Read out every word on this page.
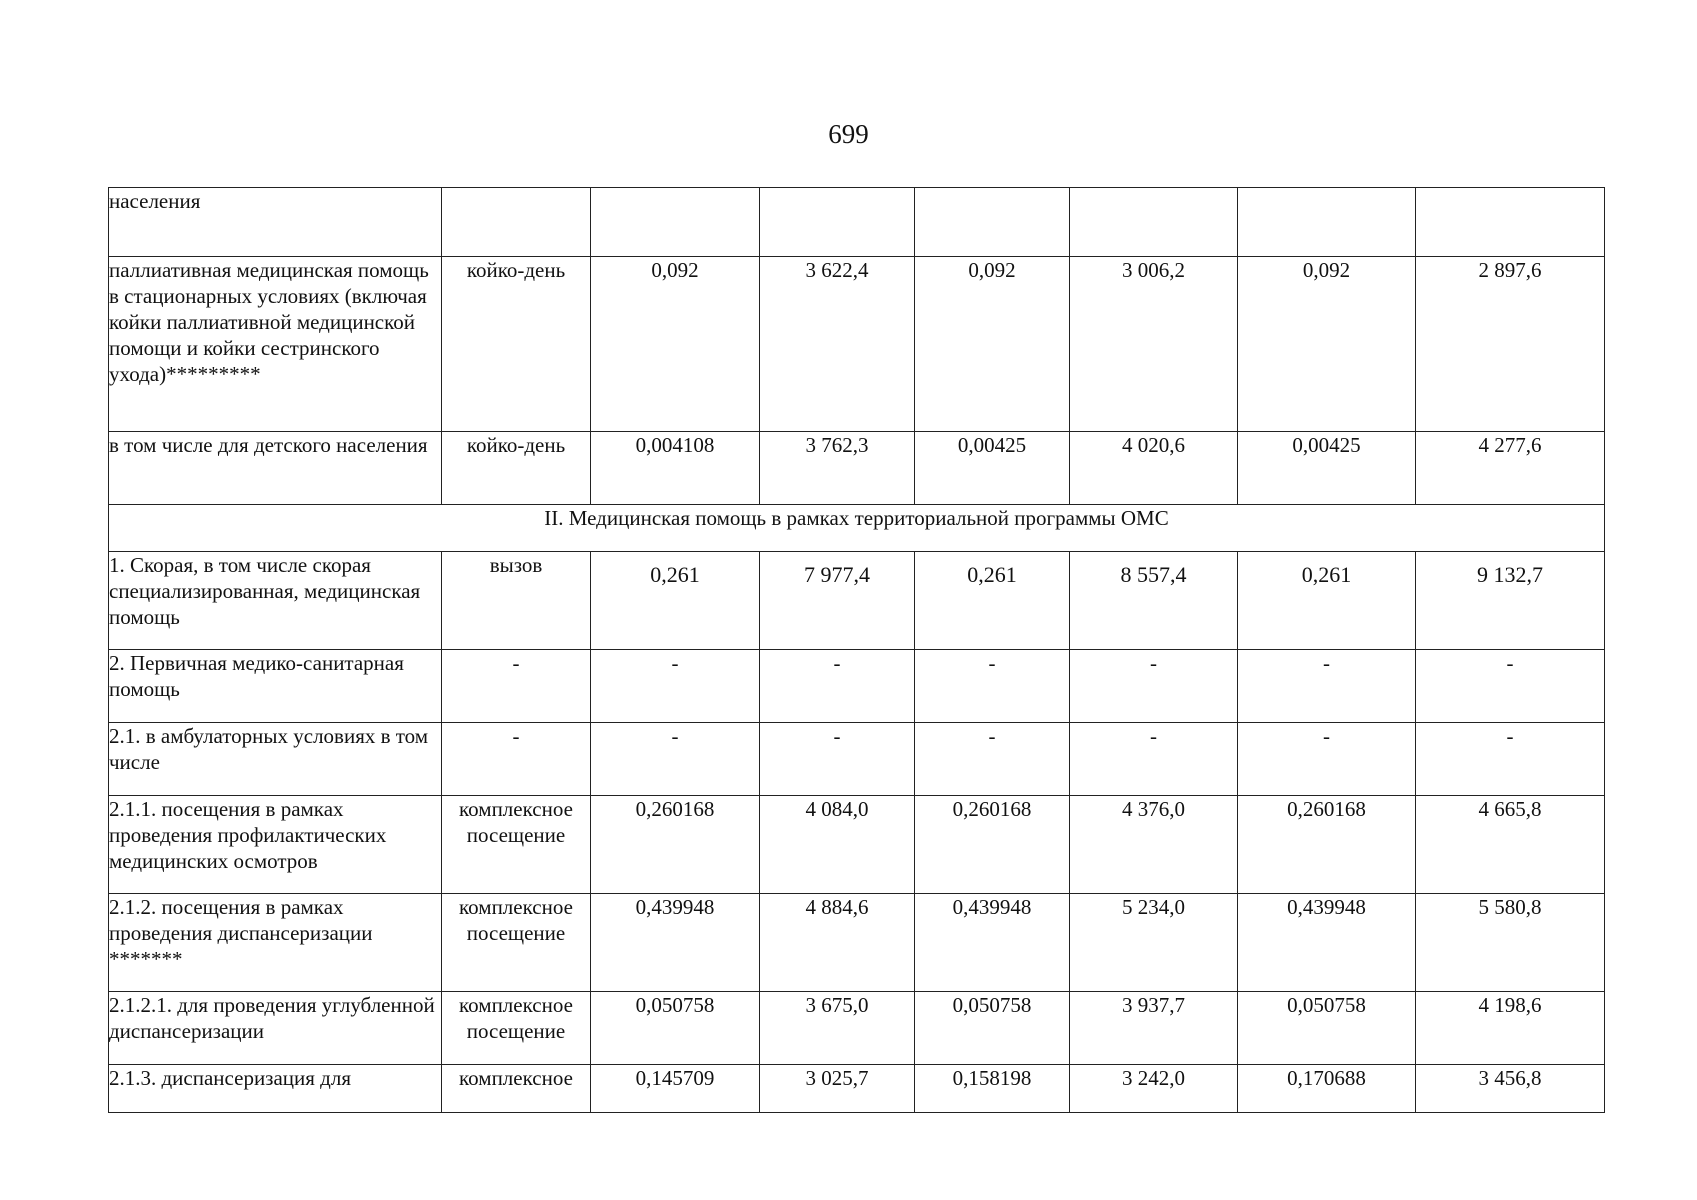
699
населения							
паллиативная медицинская помощь в стационарных условиях (включая койки паллиативной медицинской помощи и койки сестринского ухода)*********	койко-день	0,092	3 622,4	0,092	3 006,2	0,092	2 897,6
в том числе для детского населения	койко-день	0,004108	3 762,3	0,00425	4 020,6	0,00425	4 277,6
II. Медицинская помощь в рамках территориальной программы ОМС							
1. Скорая, в том числе скорая специализированная, медицинская помощь	вызов	0,261	7 977,4	0,261	8 557,4	0,261	9 132,7
2. Первичная медико-санитарная помощь	-	-	-	-	-	-	-
2.1. в амбулаторных условиях в том числе	-	-	-	-	-	-	-
2.1.1. посещения в рамках проведения профилактических медицинских осмотров	комплексное посещение	0,260168	4 084,0	0,260168	4 376,0	0,260168	4 665,8
2.1.2. посещения в рамках проведения диспансеризации *******	комплексное посещение	0,439948	4 884,6	0,439948	5 234,0	0,439948	5 580,8
2.1.2.1. для проведения углубленной диспансеризации	комплексное посещение	0,050758	3 675,0	0,050758	3 937,7	0,050758	4 198,6
2.1.3. диспансеризация для	комплексное	0,145709	3 025,7	0,158198	3 242,0	0,170688	3 456,8
